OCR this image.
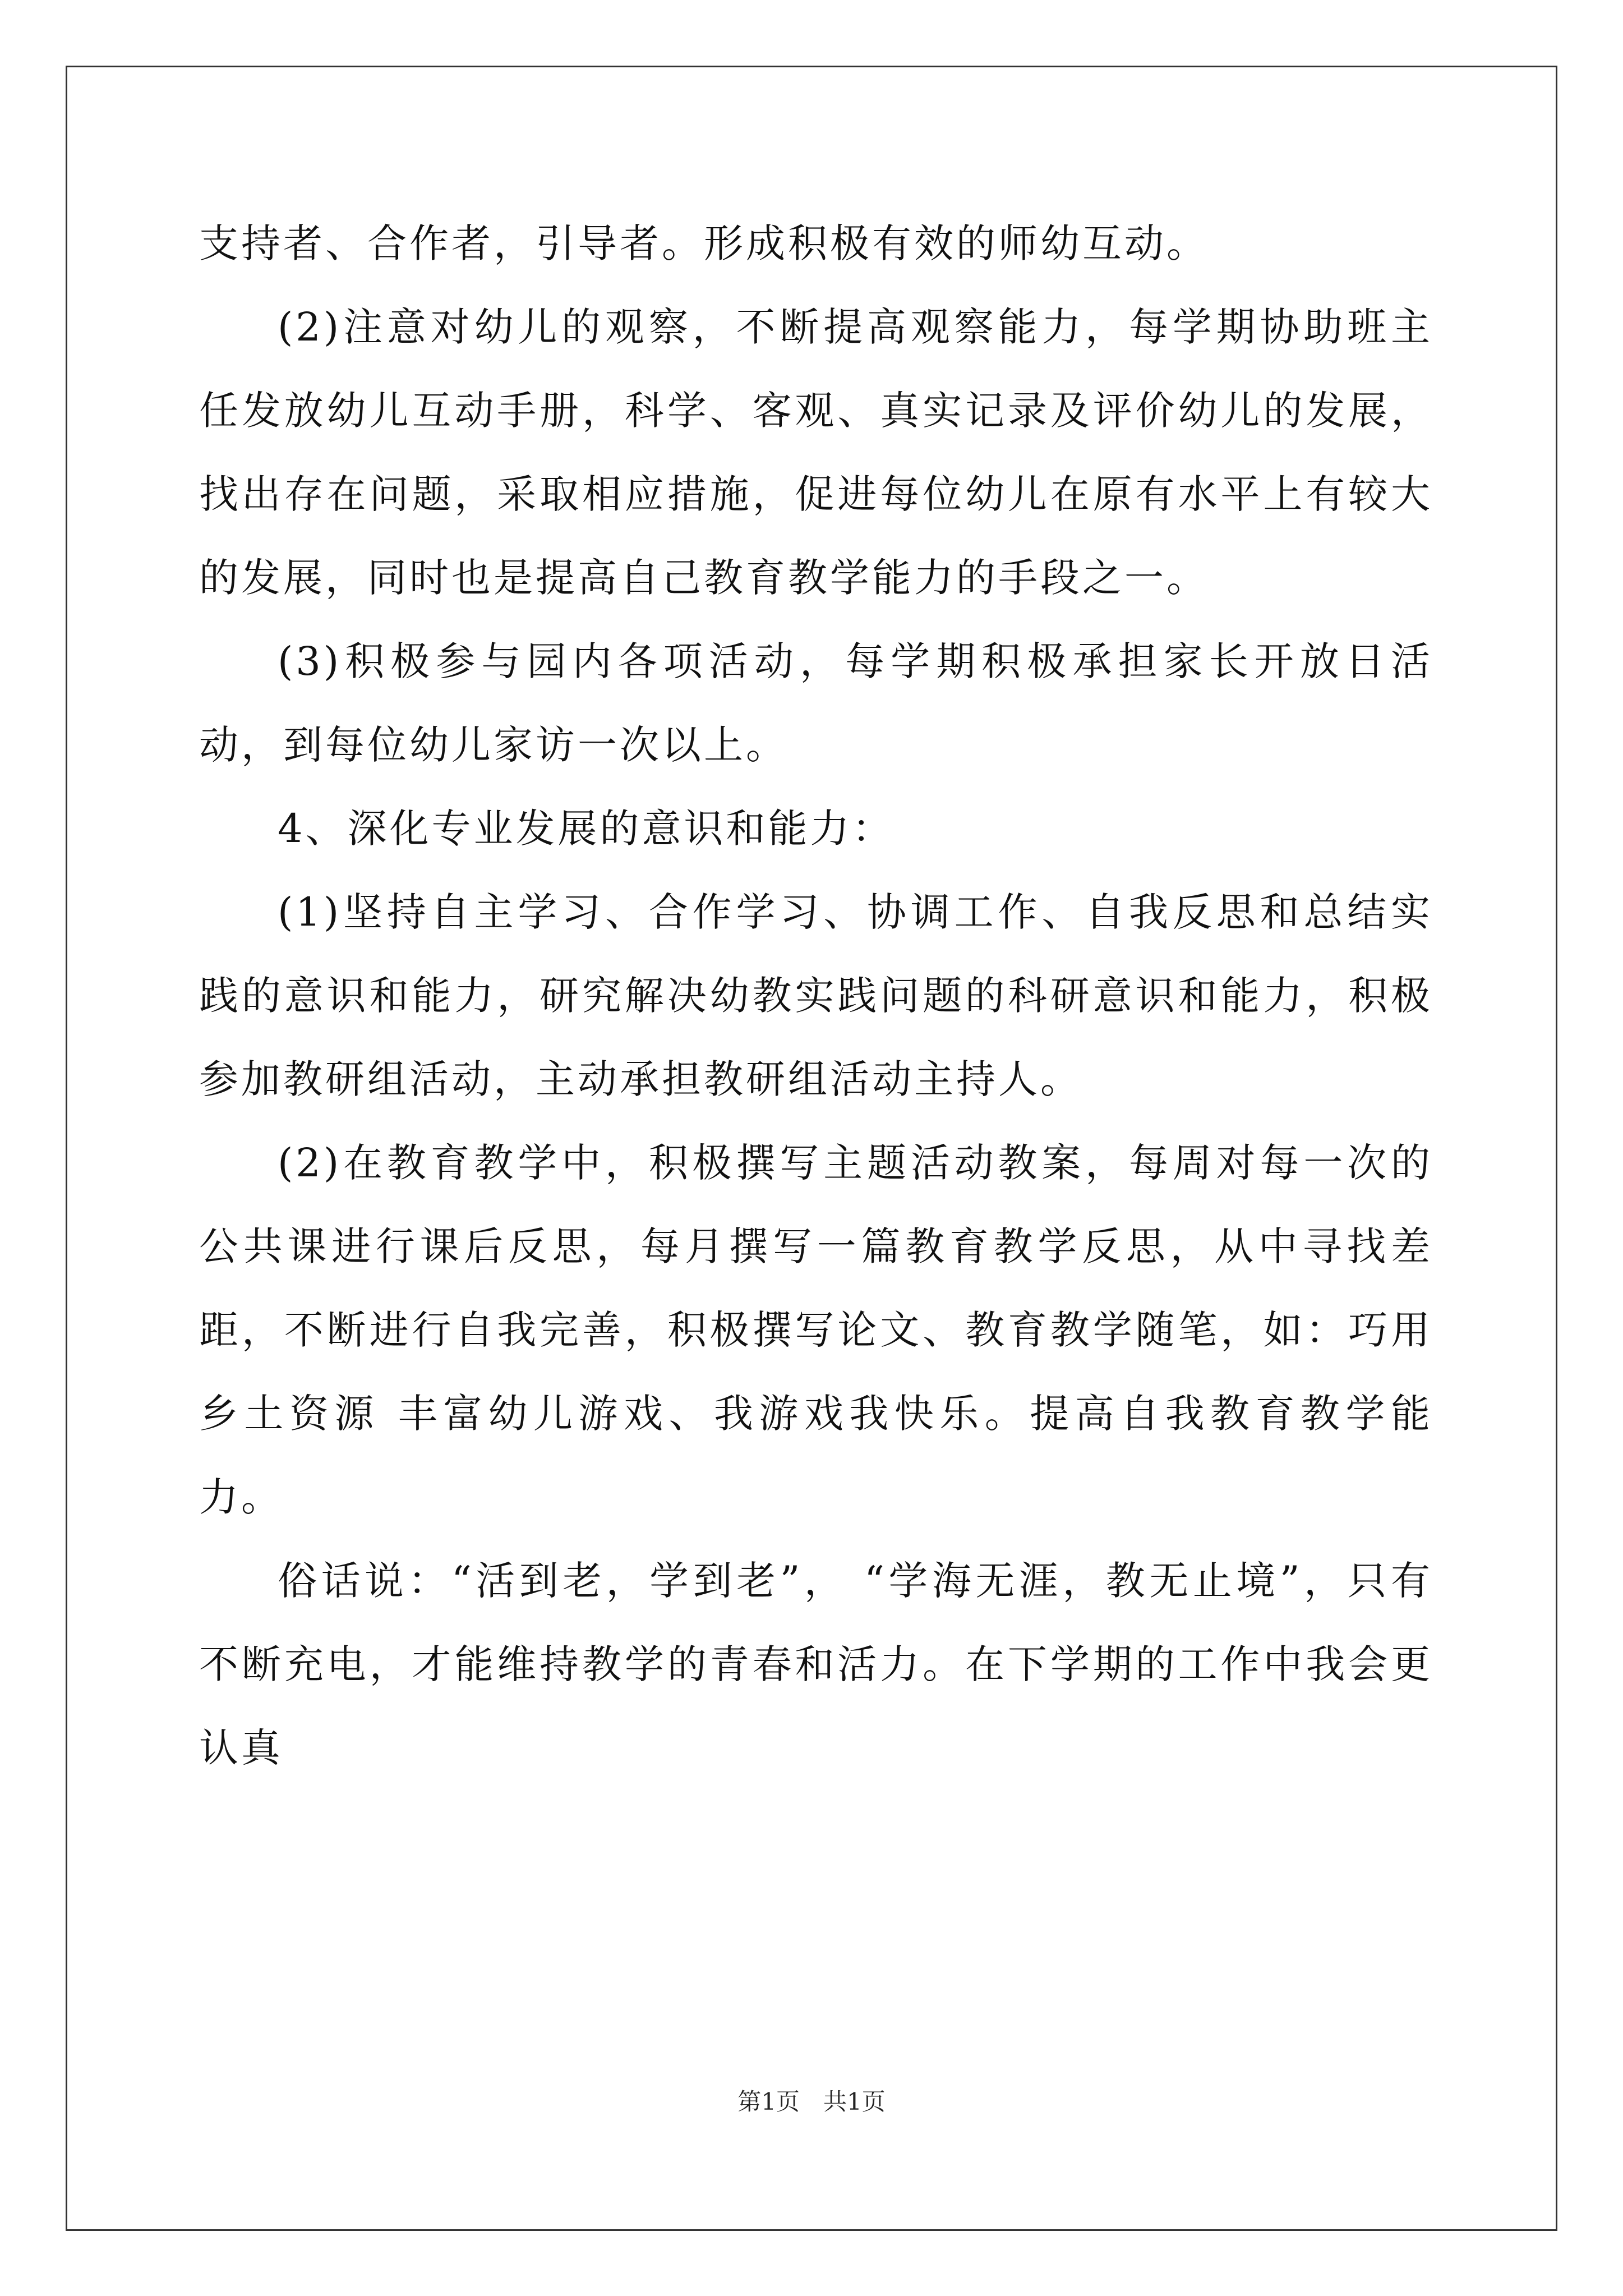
支持者、合作者，引导者。形成积极有效的师幼互动。

(2)注意对幼儿的观察，不断提高观察能力，每学期协助班主任发放幼儿互动手册，科学、客观、真实记录及评价幼儿的发展，找出存在问题，采取相应措施，促进每位幼儿在原有水平上有较大的发展，同时也是提高自己教育教学能力的手段之一。

(3)积极参与园内各项活动，每学期积极承担家长开放日活动，到每位幼儿家访一次以上。

4、深化专业发展的意识和能力：

(1)坚持自主学习、合作学习、协调工作、自我反思和总结实践的意识和能力，研究解决幼教实践问题的科研意识和能力，积极参加教研组活动，主动承担教研组活动主持人。

(2)在教育教学中，积极撰写主题活动教案，每周对每一次的公共课进行课后反思，每月撰写一篇教育教学反思，从中寻找差距，不断进行自我完善，积极撰写论文、教育教学随笔，如：巧用乡土资源 丰富幼儿游戏、我游戏我快乐。提高自我教育教学能力。

俗话说：“活到老，学到老”， “学海无涯，教无止境”，只有不断充电，才能维持教学的青春和活力。在下学期的工作中我会更认真

第1页　共1页
